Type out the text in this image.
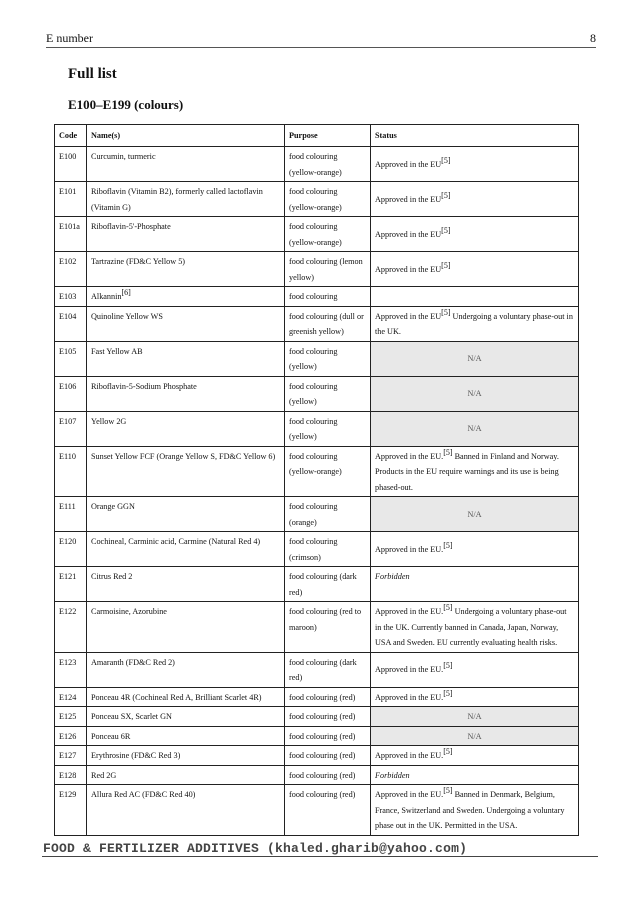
E number	8
Full list
E100–E199 (colours)
Code	Name(s)	Purpose	Status

E100	Curcumin, turmeric	food colouring (yellow-orange)	Approved in the EU[5]

E101	Riboflavin (Vitamin B2), formerly called lactoflavin (Vitamin G)	food colouring (yellow-orange)	Approved in the EU[5]

E101a	Riboflavin-5'-Phosphate	food colouring (yellow-orange)	Approved in the EU[5]

E102	Tartrazine (FD&C Yellow 5)	food colouring (lemon yellow)	Approved in the EU[5]

E103	Alkannin[6]	food colouring	

E104	Quinoline Yellow WS	food colouring (dull or greenish yellow)	Approved in the EU[5] Undergoing a voluntary phase-out in the UK.

E105	Fast Yellow AB	food colouring (yellow)	N/A

E106	Riboflavin-5-Sodium Phosphate	food colouring (yellow)	N/A

E107	Yellow 2G	food colouring (yellow)	N/A

E110	Sunset Yellow FCF (Orange Yellow S, FD&C Yellow 6)	food colouring (yellow-orange)	Approved in the EU.[5] Banned in Finland and Norway. Products in the EU require warnings and its use is being phased-out.

E111	Orange GGN	food colouring (orange)	N/A

E120	Cochineal, Carminic acid, Carmine (Natural Red 4)	food colouring (crimson)	Approved in the EU.[5]

E121	Citrus Red 2	food colouring (dark red)	Forbidden

E122	Carmoisine, Azorubine	food colouring (red to maroon)	Approved in the EU.[5] Undergoing a voluntary phase-out in the UK. Currently banned in Canada, Japan, Norway, USA and Sweden. EU currently evaluating health risks.

E123	Amaranth (FD&C Red 2)	food colouring (dark red)	Approved in the EU.[5]

E124	Ponceau 4R (Cochineal Red A, Brilliant Scarlet 4R)	food colouring (red)	Approved in the EU.[5]

E125	Ponceau SX, Scarlet GN	food colouring (red)	N/A

E126	Ponceau 6R	food colouring (red)	N/A

E127	Erythrosine (FD&C Red 3)	food colouring (red)	Approved in the EU.[5]

E128	Red 2G	food colouring (red)	Forbidden

E129	Allura Red AC (FD&C Red 40)	food colouring (red)	Approved in the EU.[5] Banned in Denmark, Belgium, France, Switzerland and Sweden. Undergoing a voluntary phase out in the UK. Permitted in the USA.
FOOD & FERTILIZER ADDITIVES (khaled.gharib@yahoo.com)
